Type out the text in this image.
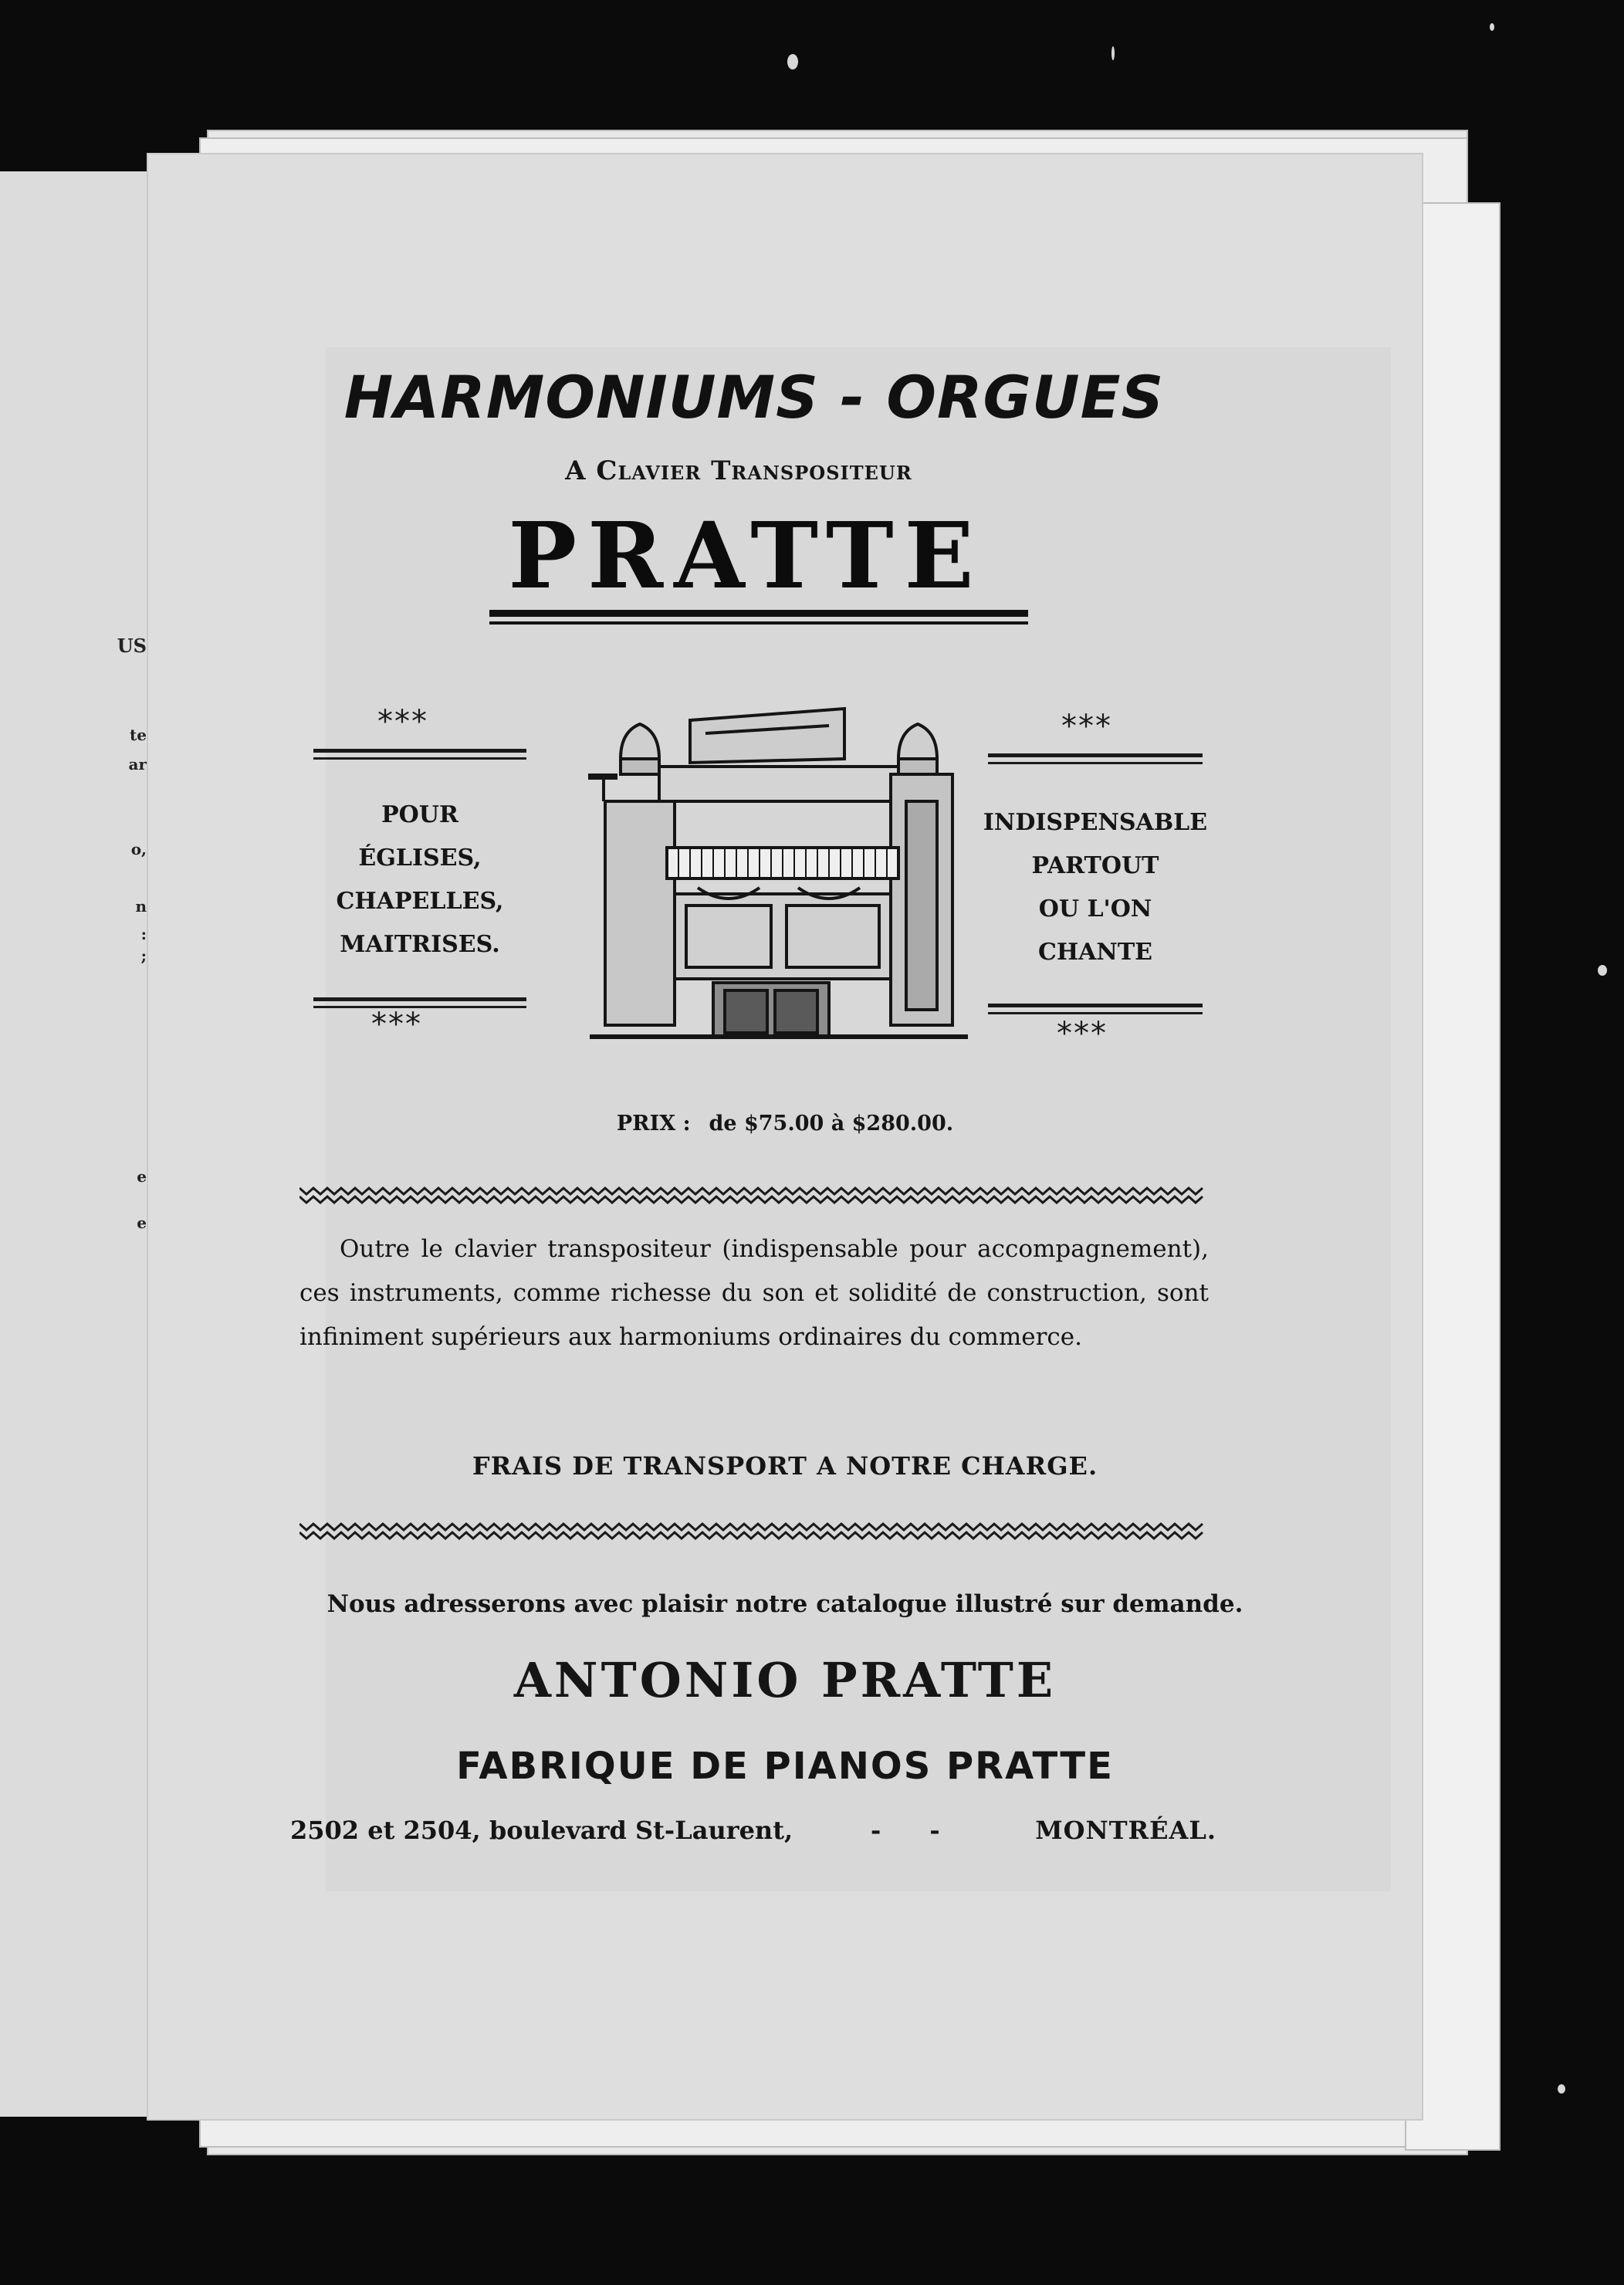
US
te
ar
o,
n
:
;
e
e
HARMONIUMS - ORGUES
A Clavier Transpositeur
PRATTE
***
POUR
ÉGLISES,
CHAPELLES,
MAITRISES.
***
***
INDISPENSABLE
PARTOUT
OU L'ON
CHANTE
***
PRIX : de $75.00 à $280.00.
Outre le clavier transpositeur (indispensable pour accompagnement), ces instruments, comme richesse du son et solidité de construction, sont infiniment supérieurs aux harmoniums ordinaires du commerce.
FRAIS DE TRANSPORT A NOTRE CHARGE.
Nous adresserons avec plaisir notre catalogue illustré sur demande.
ANTONIO PRATTE
FABRIQUE DE PIANOS PRATTE
2502 et 2504, boulevard St-Laurent,	- -	MONTRÉAL.
